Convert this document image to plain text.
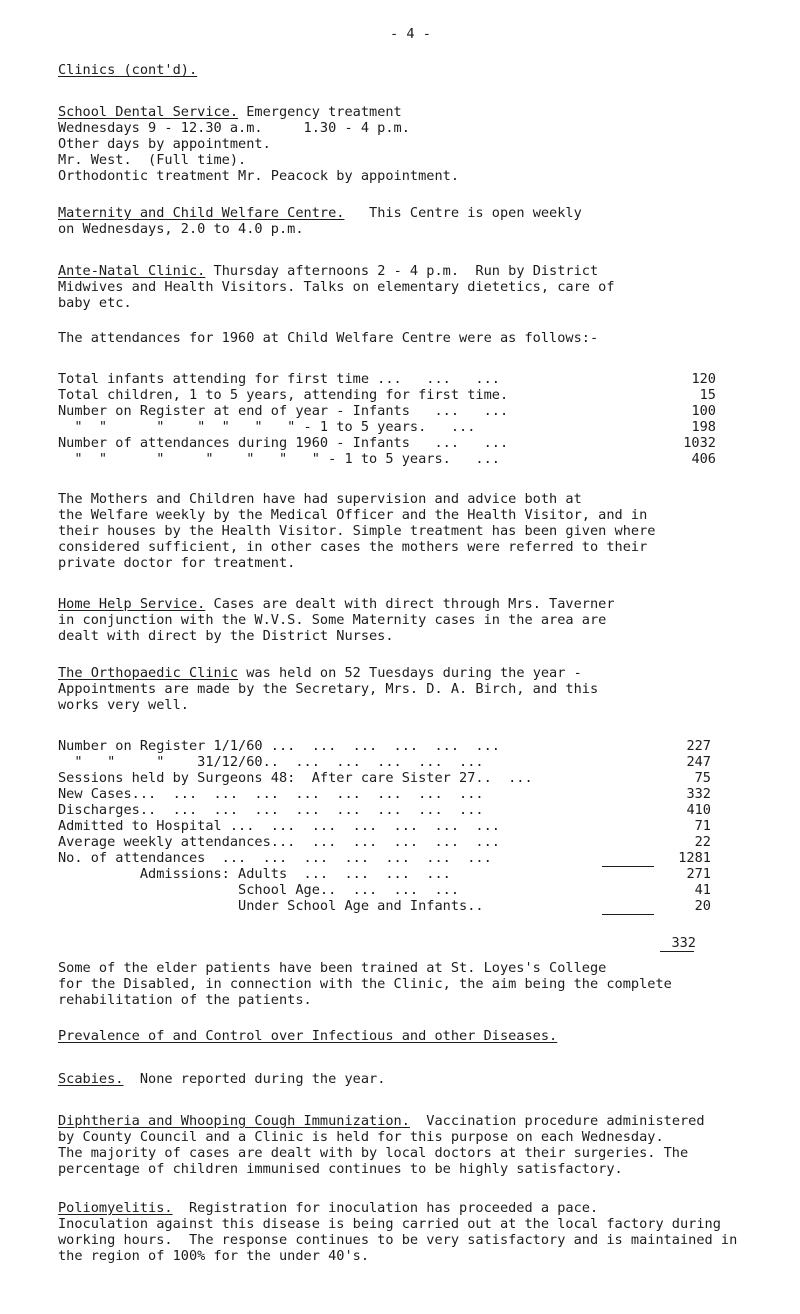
- 4 -
Clinics (cont'd).
School Dental Service. Emergency treatment
Wednesdays 9 - 12.30 a.m.     1.30 - 4 p.m.
Other days by appointment.
Mr. West.  (Full time).
Orthodontic treatment Mr. Peacock by appointment.
Maternity and Child Welfare Centre.   This Centre is open weekly
on Wednesdays, 2.0 to 4.0 p.m.
Ante-Natal Clinic. Thursday afternoons 2 - 4 p.m.  Run by District
Midwives and Health Visitors. Talks on elementary dietetics, care of
baby etc.
The attendances for 1960 at Child Welfare Centre were as follows:-
Total infants attending for first time ...   ...   ...	120
Total children, 1 to 5 years, attending for first time.	15
Number on Register at end of year - Infants   ...   ...	100
"  "      "    "  "   "   " - 1 to 5 years.   ...	198
Number of attendances during 1960 - Infants   ...   ...	1032
"  "      "     "    "   "   " - 1 to 5 years.   ...	406
The Mothers and Children have had supervision and advice both at
the Welfare weekly by the Medical Officer and the Health Visitor, and in
their houses by the Health Visitor. Simple treatment has been given where
considered sufficient, in other cases the mothers were referred to their
private doctor for treatment.
Home Help Service. Cases are dealt with direct through Mrs. Taverner
in conjunction with the W.V.S. Some Maternity cases in the area are
dealt with direct by the District Nurses.
The Orthopaedic Clinic was held on 52 Tuesdays during the year -
Appointments are made by the Secretary, Mrs. D. A. Birch, and this
works very well.
Number on Register 1/1/60 ...  ...  ...  ...  ...  ...	227
"   "     "    31/12/60..  ...  ...  ...  ...  ...	247
Sessions held by Surgeons 48:  After care Sister 27..  ...	75
New Cases...  ...  ...  ...  ...  ...  ...  ...  ...	332
Discharges..  ...  ...  ...  ...  ...  ...  ...  ...	410
Admitted to Hospital ...  ...  ...  ...  ...  ...  ...	71
Average weekly attendances...  ...  ...  ...  ...  ...	22
No. of attendances  ...  ...  ...  ...  ...  ...  ...	1281
Admissions: Adults  ...  ...  ...  ...	271
School Age..  ...  ...  ...	41
Under School Age and Infants..	20
332
Some of the elder patients have been trained at St. Loyes's College
for the Disabled, in connection with the Clinic, the aim being the complete
rehabilitation of the patients.
Prevalence of and Control over Infectious and other Diseases.
Scabies.  None reported during the year.
Diphtheria and Whooping Cough Immunization.  Vaccination procedure administered
by County Council and a Clinic is held for this purpose on each Wednesday.
The majority of cases are dealt with by local doctors at their surgeries. The
percentage of children immunised continues to be highly satisfactory.
Poliomyelitis.  Registration for inoculation has proceeded a pace.
Inoculation against this disease is being carried out at the local factory during
working hours.  The response continues to be very satisfactory and is maintained in
the region of 100% for the under 40's.
